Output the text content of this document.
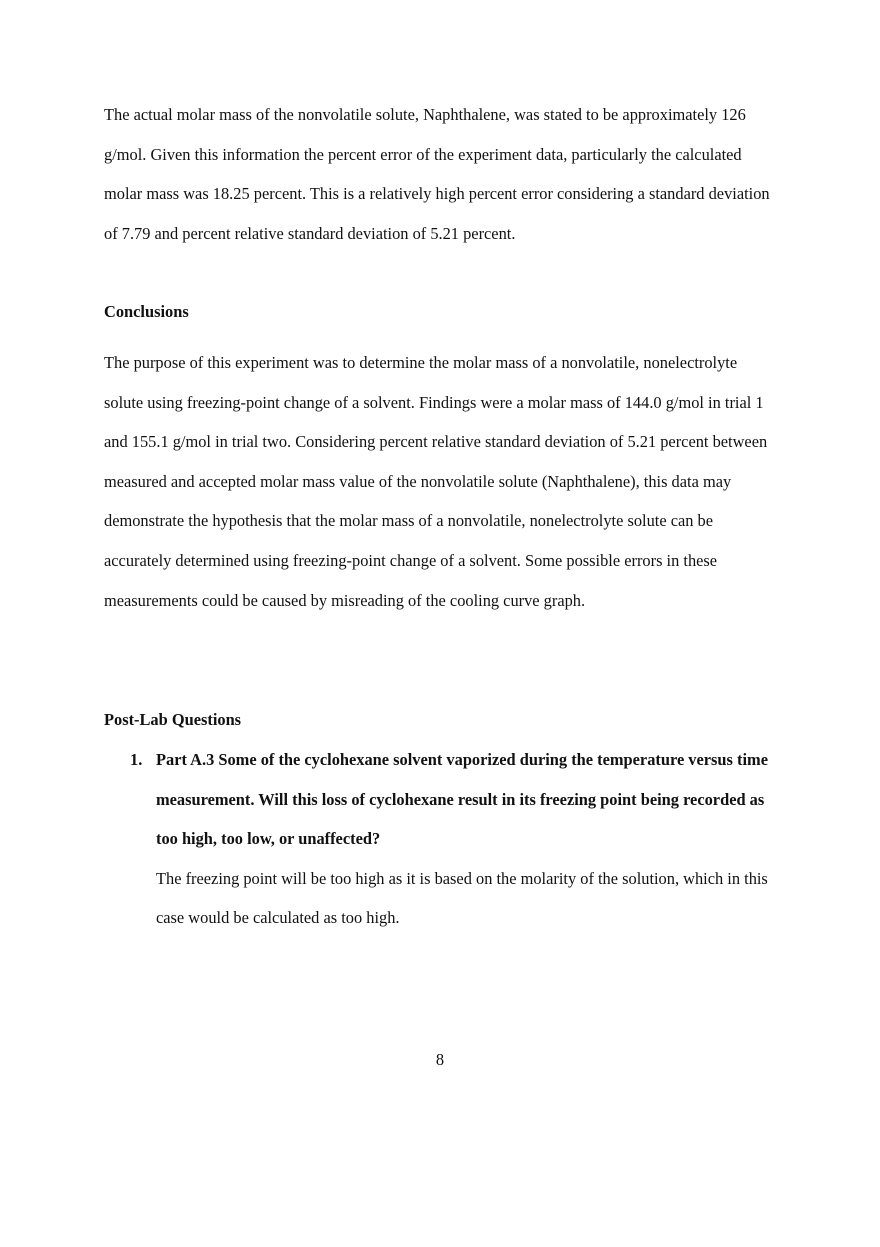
The actual molar mass of the nonvolatile solute, Naphthalene, was stated to be approximately 126 g/mol. Given this information the percent error of the experiment data, particularly the calculated molar mass was 18.25 percent. This is a relatively high percent error considering a standard deviation of 7.79 and percent relative standard deviation of 5.21 percent.

Conclusions

The purpose of this experiment was to determine the molar mass of a nonvolatile, nonelectrolyte solute using freezing-point change of a solvent. Findings were a molar mass of 144.0 g/mol in trial 1 and 155.1 g/mol in trial two. Considering percent relative standard deviation of 5.21 percent between measured and accepted molar mass value of the nonvolatile solute (Naphthalene), this data may demonstrate the hypothesis that the molar mass of a nonvolatile, nonelectrolyte solute can be accurately determined using freezing-point change of a solvent. Some possible errors in these measurements could be caused by misreading of the cooling curve graph.

Post-Lab Questions
1. Part A.3 Some of the cyclohexane solvent vaporized during the temperature versus time measurement. Will this loss of cyclohexane result in its freezing point being recorded as too high, too low, or unaffected?
The freezing point will be too high as it is based on the molarity of the solution, which in this case would be calculated as too high.
8
